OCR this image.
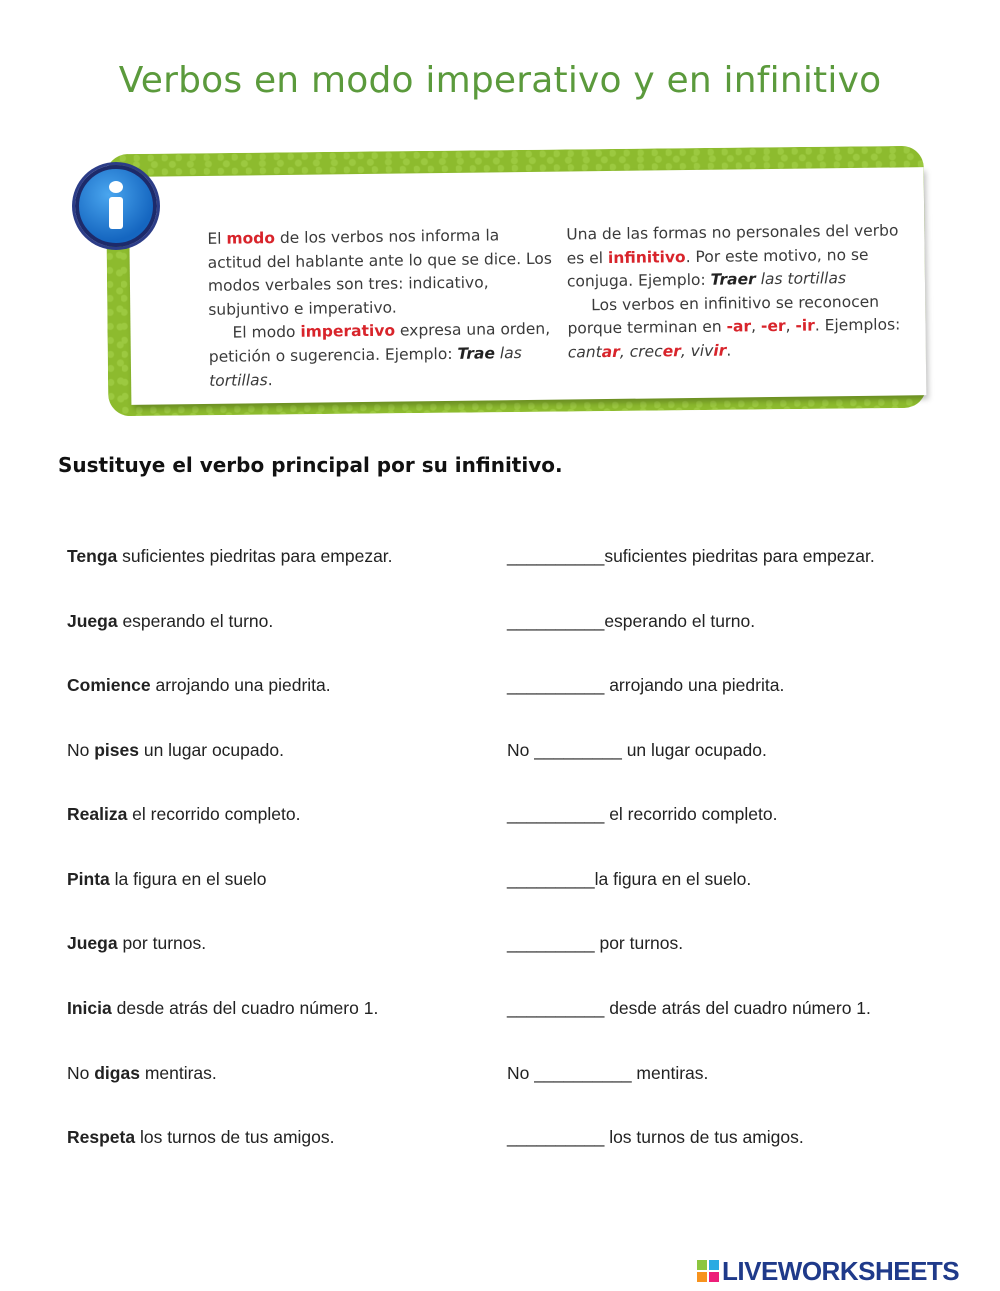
Verbos en modo imperativo y en infinitivo

El modo de los verbos nos informa la actitud del hablante ante lo que se dice. Los modos verbales son tres: indicativo, subjuntivo e imperativo.

El modo imperativo expresa una orden, petición o sugerencia. Ejemplo: Trae las tortillas.

Una de las formas no personales del verbo es el infinitivo. Por este motivo, no se conjuga. Ejemplo: Traer las tortillas

Los verbos en infinitivo se reconocen porque terminan en -ar, -er, -ir. Ejemplos: cantar, crecer, vivir.

Sustituye el verbo principal por su infinitivo.
Tenga suficientes piedritas para empezar.	__________suficientes piedritas para empezar.
Juega esperando el turno.	__________esperando el turno.
Comience arrojando una piedrita.	__________ arrojando una piedrita.
No pises un lugar ocupado.	No _________ un lugar ocupado.
Realiza el recorrido completo.	__________ el recorrido completo.
Pinta la figura en el suelo	_________la figura en el suelo.
Juega por turnos.	_________ por turnos.
Inicia desde atrás del cuadro número 1.	__________ desde atrás del cuadro número 1.
No digas mentiras.	No __________ mentiras.
Respeta los turnos de tus amigos.	__________ los turnos de tus amigos.
LIVEWORKSHEETS
